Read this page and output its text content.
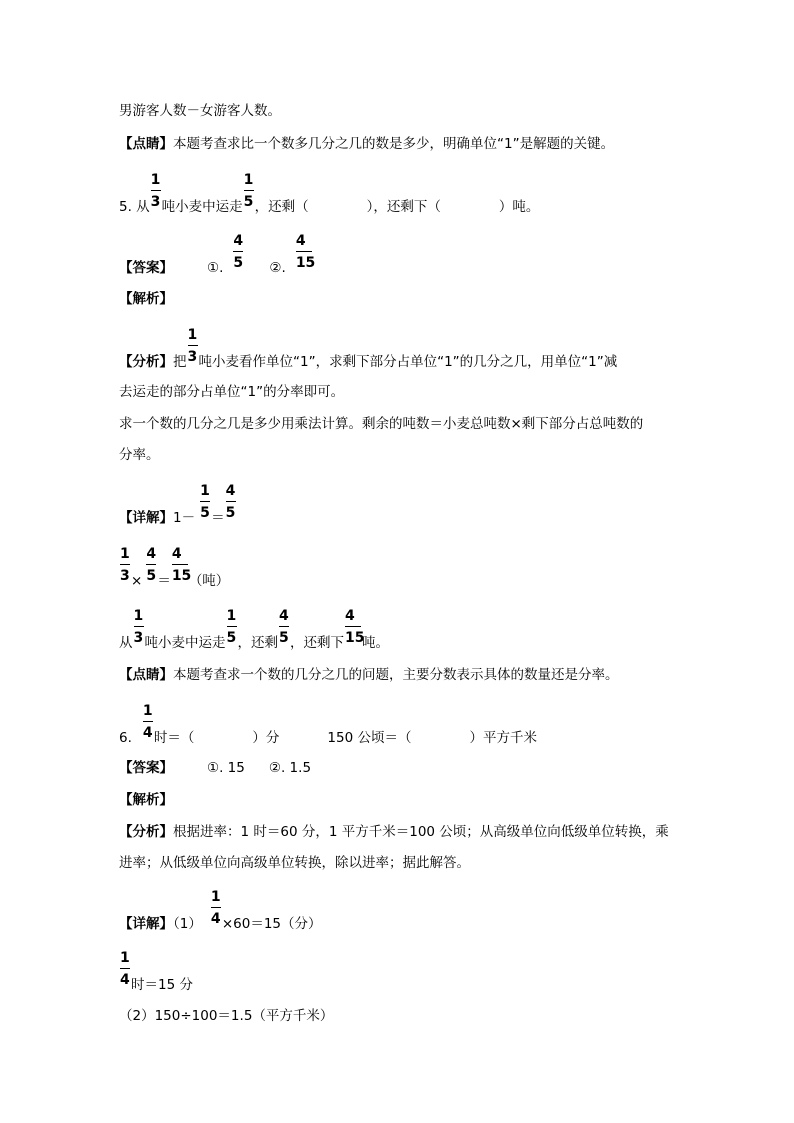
男游客人数－女游客人数。
【点睛】本题考查求比一个数多几分之几的数是多少，明确单位“1”是解题的关键。
5. 从 $\frac{1}{3}$ 吨小麦中运走 $\frac{1}{5}$ ，还剩（	），还剩下（	）吨。
【答案】	①. $\frac{4}{5}$ ②. $\frac{4}{15}$
【解析】
【分析】把 $\frac{1}{3}$ 吨小麦看作单位“1”，求剩下部分占单位“1”的几分之几，用单位“1”减
去运走的部分占单位“1”的分率即可。
求一个数的几分之几是多少用乘法计算。剩余的吨数＝小麦总吨数×剩下部分占总吨数的
分率。
【详解】$1- \frac{1}{5} = \frac{4}{5}$
$\frac{1}{3} \times \frac{4}{5} = \frac{4}{15}$ （吨）
从 $\frac{1}{3}$ 吨小麦中运走 $\frac{1}{5}$ ，还剩 $\frac{4}{5}$ ，还剩下 $\frac{4}{15}$ 吨。
【点睛】本题考查求一个数的几分之几的问题，主要分数表示具体的数量还是分率。
6. $\frac{1}{4}$ 时＝（	）分	150 公顷＝（	）平方千米
【答案】	①. 15 ②. 1.5
【解析】
【分析】根据进率：1 时＝60 分，1 平方千米＝100 公顷；从高级单位向低级单位转换，乘
进率；从低级单位向高级单位转换，除以进率；据此解答。
【详解】$(1) \frac{1}{4} \times 60=15$（分）
$\frac{1}{4}$ 时＝15 分
（2）150÷100＝1.5（平方千米）
